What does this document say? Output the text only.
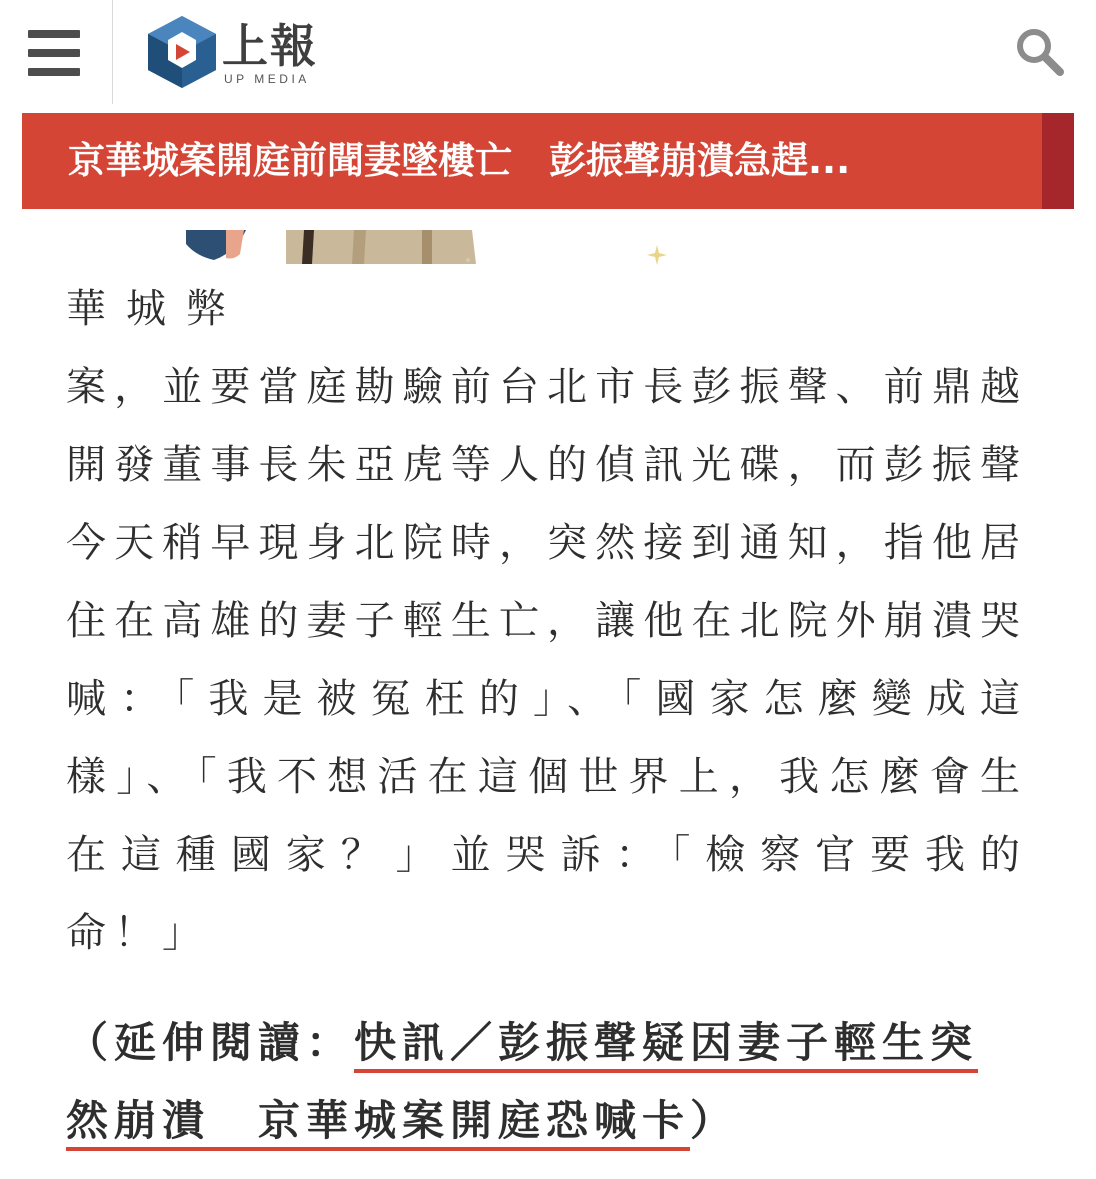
上報
UP MEDIA
京華城案開庭前聞妻墜樓亡　彭振聲崩潰急趕...

華城弊
案，並要當庭勘驗前台北市長彭振聲、前鼎越開發董事長朱亞虎等人的偵訊光碟，而彭振聲今天稍早現身北院時，突然接到通知，指他居住在高雄的妻子輕生亡，讓他在北院外崩潰哭喊：「我是被冤枉的」、「國家怎麼變成這樣」、「我不想活在這個世界上，我怎麼會生在這種國家？」並哭訴：「檢察官要我的命！」

（延伸閱讀：快訊／彭振聲疑因妻子輕生突
然崩潰　京華城案開庭恐喊卡）
